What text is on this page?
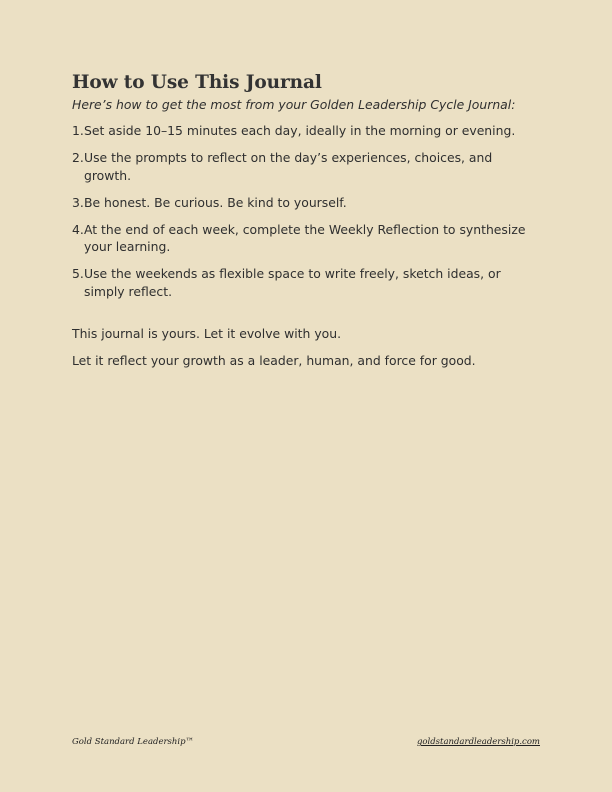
How to Use This Journal

Here’s how to get the most from your Golden Leadership Cycle Journal:

1. Set aside 10–15 minutes each day, ideally in the morning or evening.
2. Use the prompts to reflect on the day’s experiences, choices, and growth.
3. Be honest. Be curious. Be kind to yourself.
4. At the end of each week, complete the Weekly Reflection to synthesize your learning.
5. Use the weekends as flexible space to write freely, sketch ideas, or simply reflect.

This journal is yours. Let it evolve with you.

Let it reflect your growth as a leader, human, and force for good.

Gold Standard Leadership™	goldstandardleadership.com
